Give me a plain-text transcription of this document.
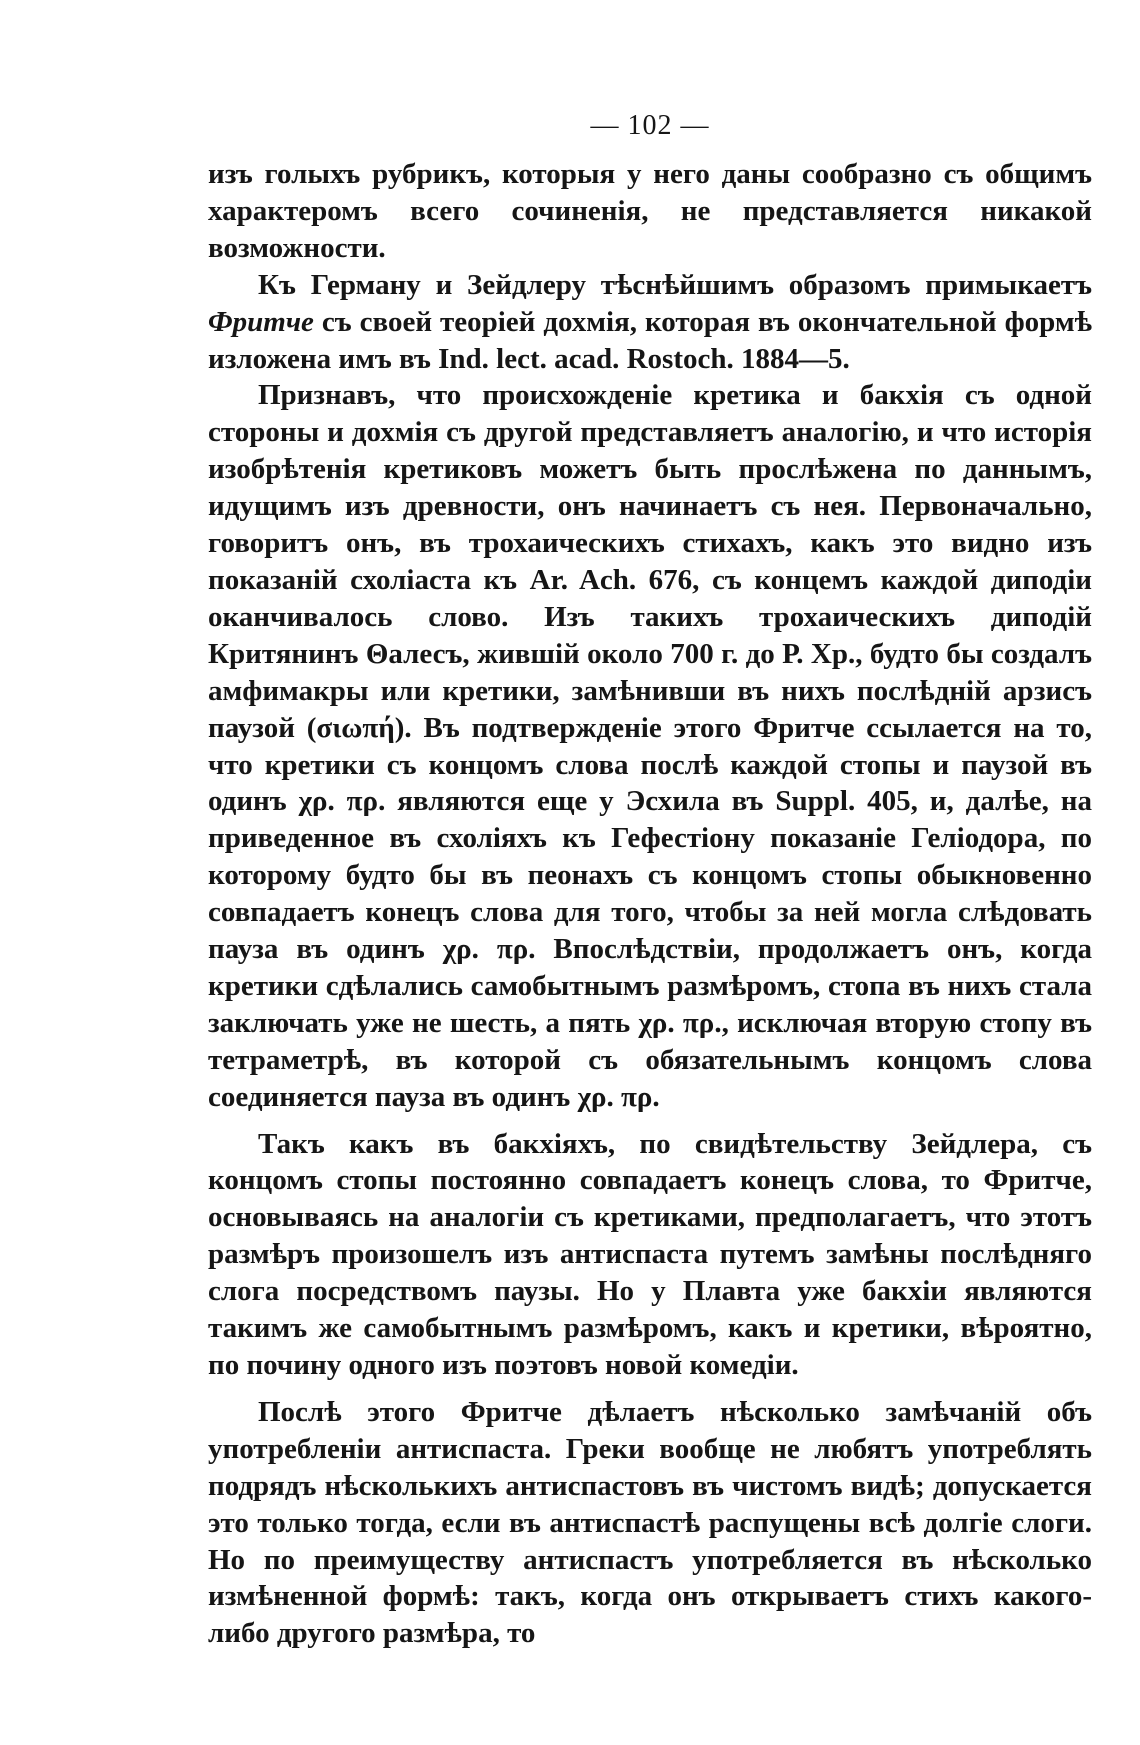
— 102 —

изъ голыхъ рубрикъ, которыя у него даны сообразно съ общимъ характеромъ всего сочиненія, не представляется никакой возможности.

Къ Герману и Зейдлеру тѣснѣйшимъ образомъ примыкаетъ Фритче съ своей теоріей дохмія, которая въ окончательной формѣ изложена имъ въ Ind. lect. acad. Rostoch. 1884—5.

Признавъ, что происхожденіе кретика и бакхія съ одной стороны и дохмія съ другой представляетъ аналогію, и что исторія изобрѣтенія кретиковъ можетъ быть прослѣжена по даннымъ, идущимъ изъ древности, онъ начинаетъ съ нея. Первоначально, говоритъ онъ, въ трохаическихъ стихахъ, какъ это видно изъ показаній схоліаста къ Ar. Ach. 676, съ концемъ каждой диподіи оканчивалось слово. Изъ такихъ трохаическихъ диподій Критянинъ Θалесъ, жившій около 700 г. до Р. Хр., будто бы создалъ амфимакры или кретики, замѣнивши въ нихъ послѣдній арзисъ паузой (σιωπή). Въ подтвержденіе этого Фритче ссылается на то, что кретики съ концомъ слова послѣ каждой стопы и паузой въ одинъ χρ. πρ. являются еще у Эсхила въ Suppl. 405, и, далѣе, на приведенное въ схоліяхъ къ Гефестіону показаніе Геліодора, по которому будто бы въ пеонахъ съ концомъ стопы обыкновенно совпадаетъ конецъ слова для того, чтобы за ней могла слѣдовать пауза въ одинъ χρ. πρ. Впослѣдствіи, продолжаетъ онъ, когда кретики сдѣлались самобытнымъ размѣромъ, стопа въ нихъ стала заключать уже не шесть, а пять χρ. πρ., исключая вторую стопу въ тетраметрѣ, въ которой съ обязательнымъ концомъ слова соединяется пауза въ одинъ χρ. πρ.

Такъ какъ въ бакхіяхъ, по свидѣтельству Зейдлера, съ концомъ стопы постоянно совпадаетъ конецъ слова, то Фритче, основываясь на аналогіи съ кретиками, предполагаетъ, что этотъ размѣръ произошелъ изъ антиспаста путемъ замѣны послѣдняго слога посредствомъ паузы. Но у Плавта уже бакхіи являются такимъ же самобытнымъ размѣромъ, какъ и кретики, вѣроятно, по почину одного изъ поэтовъ новой комедіи.

Послѣ этого Фритче дѣлаетъ нѣсколько замѣчаній объ употребленіи антиспаста. Греки вообще не любятъ употреблять подрядъ нѣсколькихъ антиспастовъ въ чистомъ видѣ; допускается это только тогда, если въ антиспастѣ распущены всѣ долгіе слоги. Но по преимуществу антиспастъ употребляется въ нѣсколько измѣненной формѣ: такъ, когда онъ открываетъ стихъ какого-либо другого размѣра, то
